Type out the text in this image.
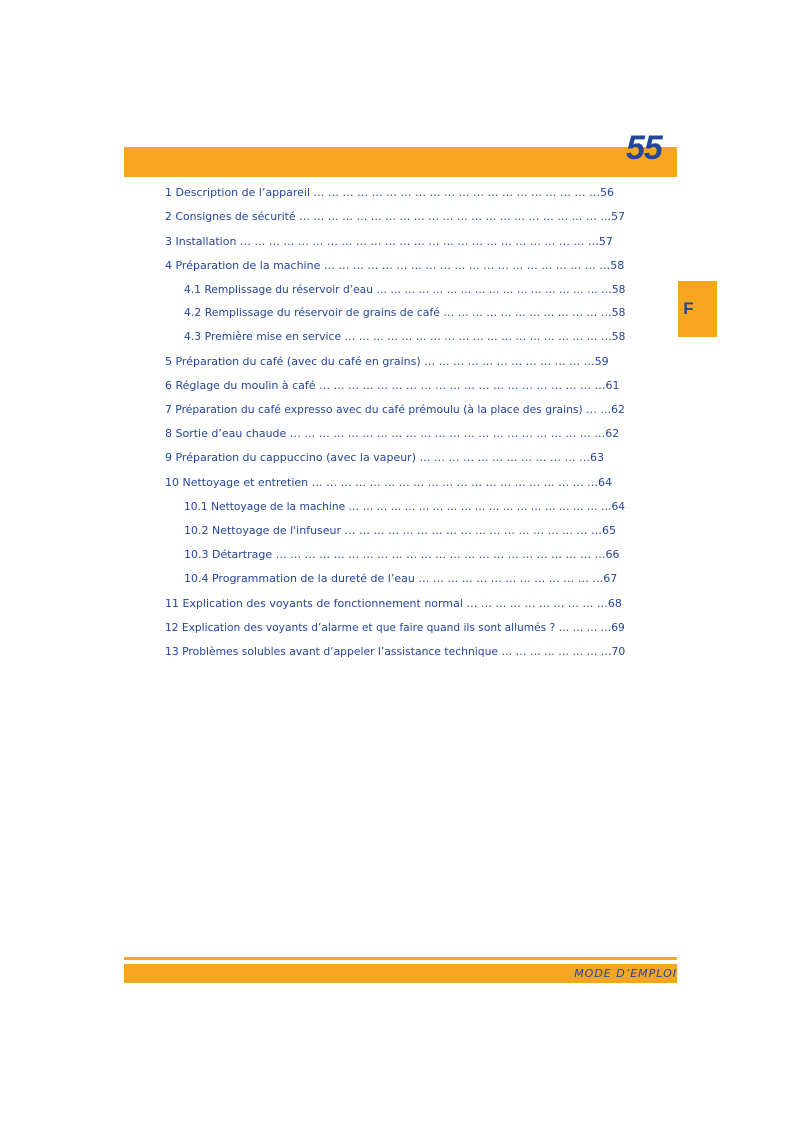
55
F
1 Description de l’appareil … … … … … … … … … … … … … … … … … … … …56
2 Consignes de sécurité … … … … … … … … … … … … … … … … … … … … … …57
3 Installation … … … … … … … … … … … … … … … … … … … … … … … … …57
4 Préparation de la machine … … … … … … … … … … … … … … … … … … … …58
4.1 Remplissage du réservoir d’eau … … … … … … … … … … … … … … … … …58
4.2 Remplissage du réservoir de grains de café … … … … … … … … … … … …58
4.3 Première mise en service … … … … … … … … … … … … … … … … … … …58
5 Préparation du café (avec du café en grains) … … … … … … … … … … … …59
6 Réglage du moulin à café … … … … … … … … … … … … … … … … … … … …61
7 Préparation du café expresso avec du café prémoulu (à la place des grains) … …62
8 Sortie d’eau chaude … … … … … … … … … … … … … … … … … … … … … …62
9 Préparation du cappuccino (avec la vapeur) … … … … … … … … … … … …63
10 Nettoyage et entretien … … … … … … … … … … … … … … … … … … … …64
10.1 Nettoyage de la machine … … … … … … … … … … … … … … … … … … …64
10.2 Nettoyage de l'infuseur … … … … … … … … … … … … … … … … … …65
10.3 Détartrage … … … … … … … … … … … … … … … … … … … … … … …66
10.4 Programmation de la dureté de l’eau … … … … … … … … … … … … …67
11 Explication des voyants de fonctionnement normal … … … … … … … … … …68
12 Explication des voyants d’alarme et que faire quand ils sont allumés ? … … … …69
13 Problèmes solubles avant d’appeler l’assistance technique … … … … … … … …70
MODE D’EMPLOI
